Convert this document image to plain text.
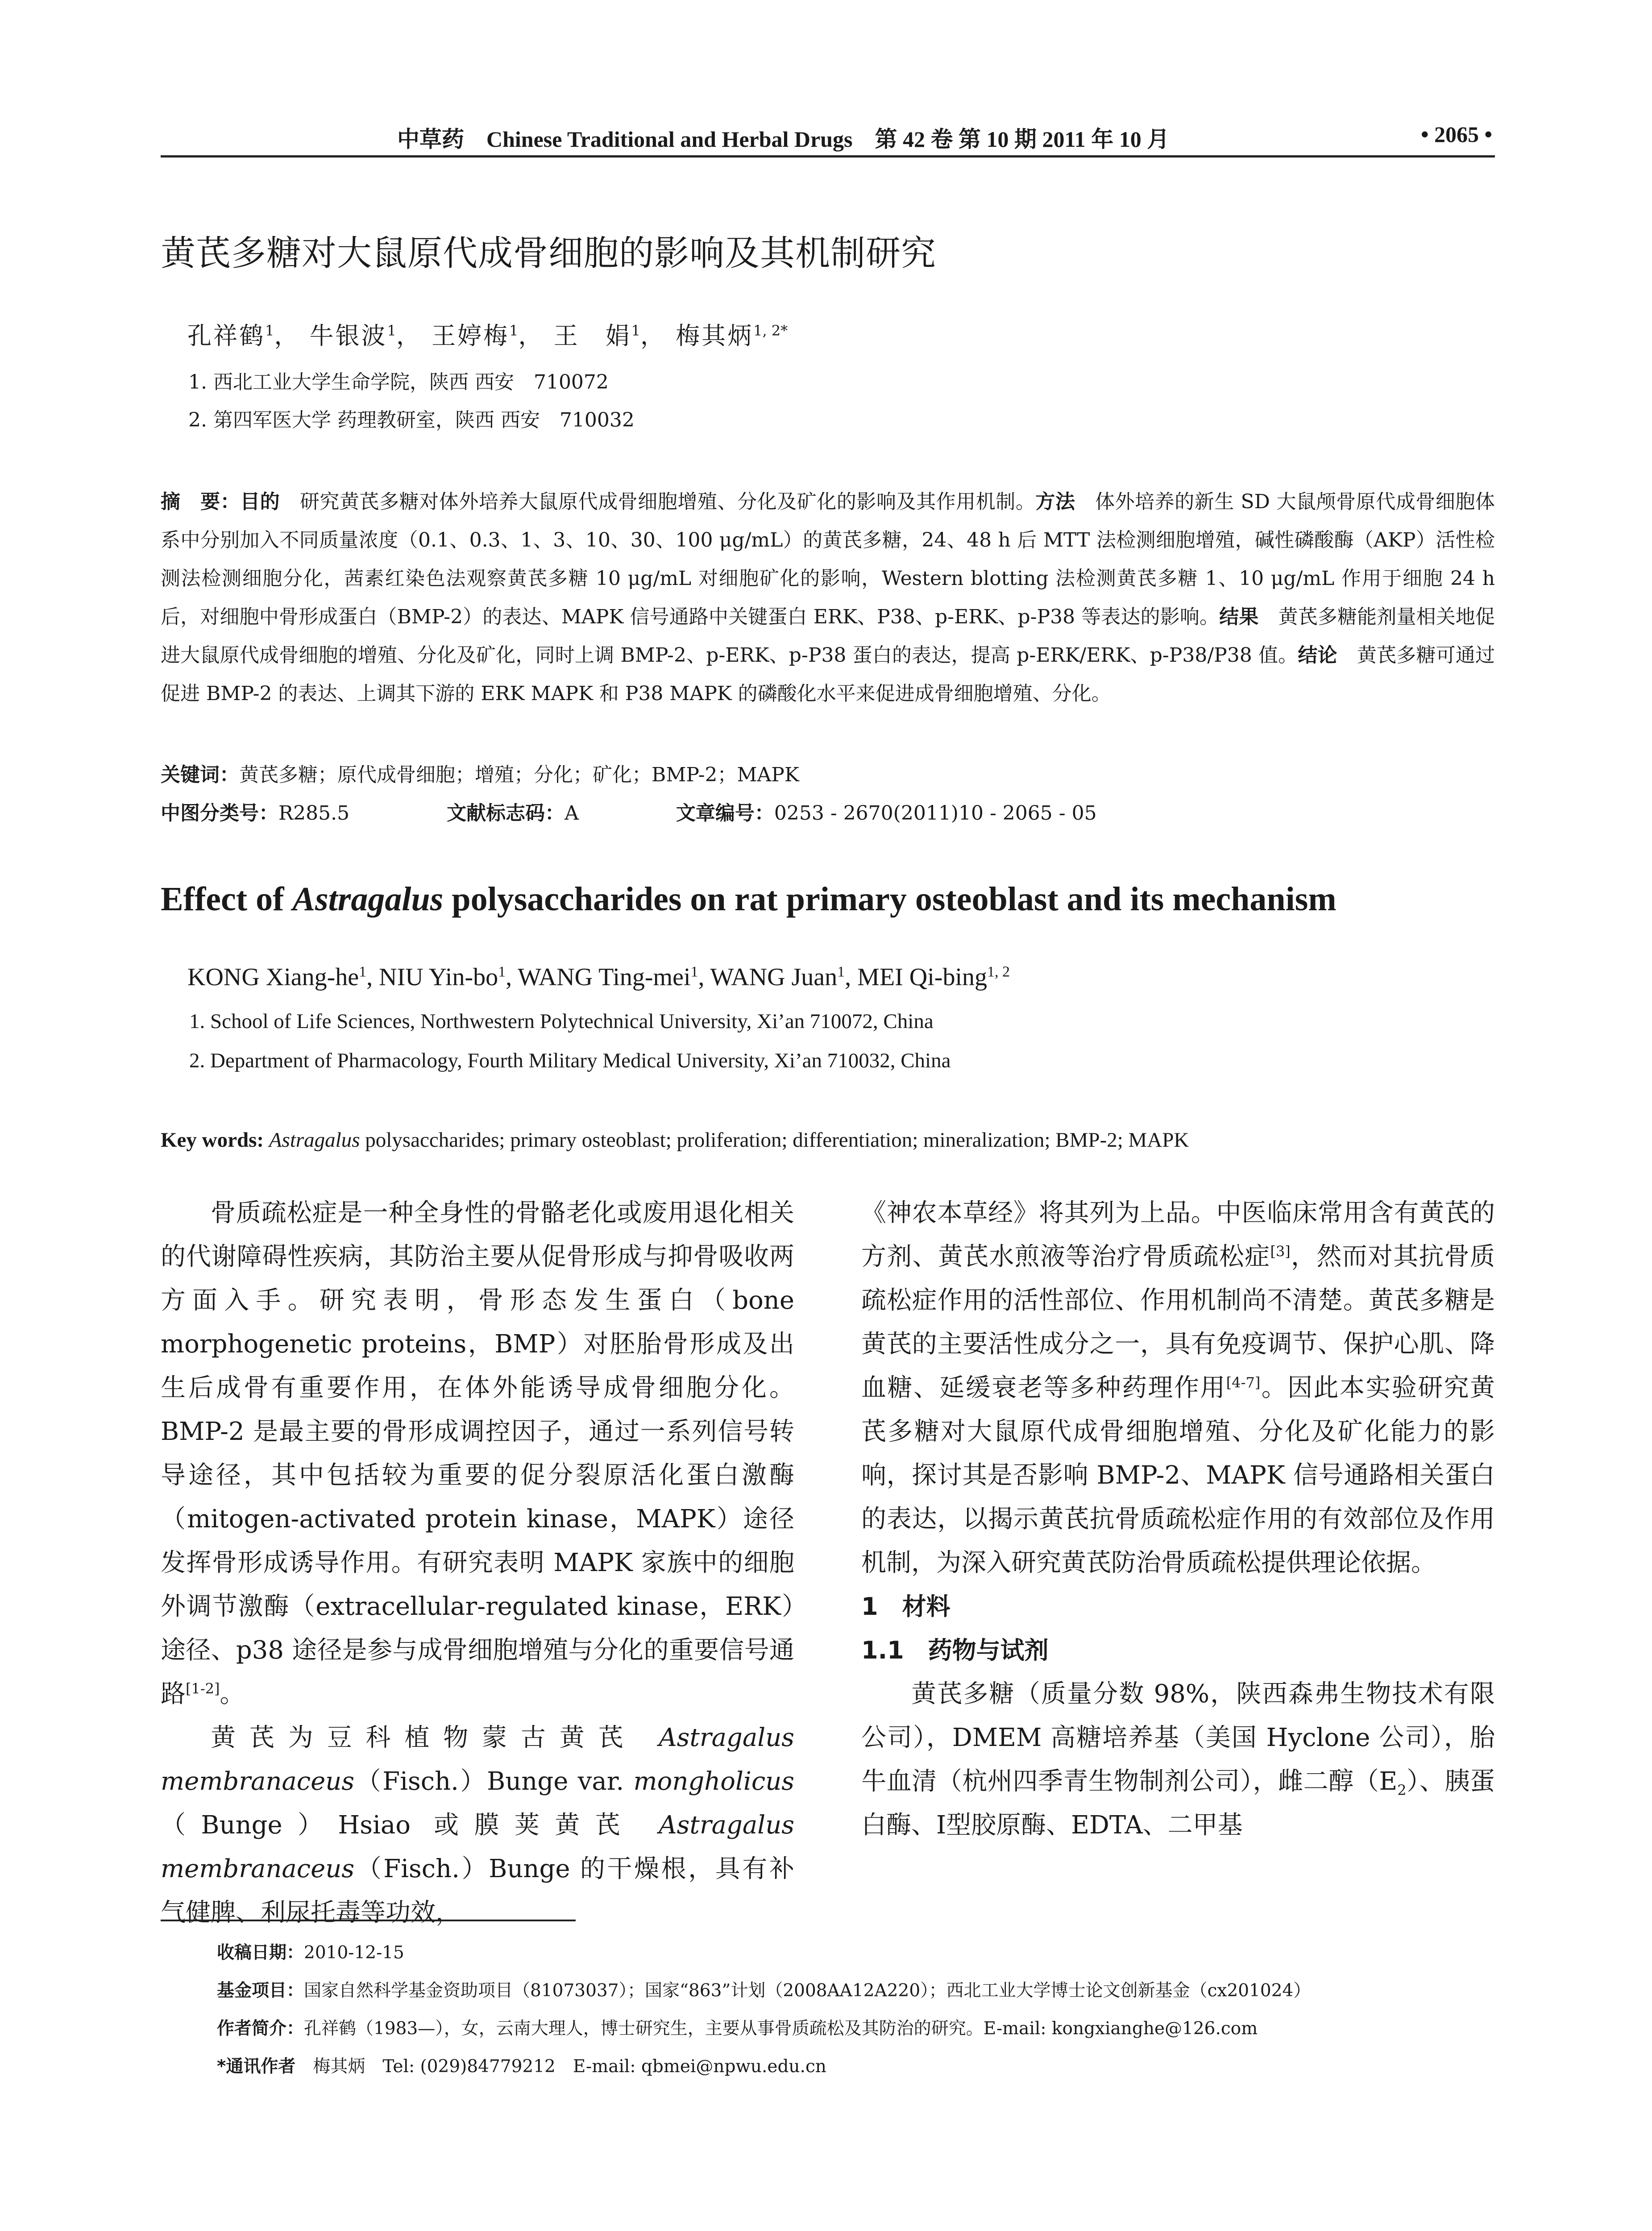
中草药 Chinese Traditional and Herbal Drugs 第 42 卷 第 10 期 2011 年 10 月	• 2065 •
黄芪多糖对大鼠原代成骨细胞的影响及其机制研究
孔祥鹤$^1$， 牛银波$^1$， 王婷梅$^1$， 王　娟$^1$， 梅其炳$^{1, 2*}$
1. 西北工业大学生命学院，陕西 西安　710072
2. 第四军医大学 药理教研室，陕西 西安　710032
摘　要：目的　研究黄芪多糖对体外培养大鼠原代成骨细胞增殖、分化及矿化的影响及其作用机制。方法　体外培养的新生 SD 大鼠颅骨原代成骨细胞体系中分别加入不同质量浓度（0.1、0.3、1、3、10、30、100 μg/mL）的黄芪多糖，24、48 h 后 MTT 法检测细胞增殖，碱性磷酸酶（AKP）活性检测法检测细胞分化，茜素红染色法观察黄芪多糖 10 μg/mL 对细胞矿化的影响，Western blotting 法检测黄芪多糖 1、10 μg/mL 作用于细胞 24 h 后，对细胞中骨形成蛋白（BMP-2）的表达、MAPK 信号通路中关键蛋白 ERK、P38、p-ERK、p-P38 等表达的影响。结果　黄芪多糖能剂量相关地促进大鼠原代成骨细胞的增殖、分化及矿化，同时上调 BMP-2、p-ERK、p-P38 蛋白的表达，提高 p-ERK/ERK、p-P38/P38 值。结论　黄芪多糖可通过促进 BMP-2 的表达、上调其下游的 ERK MAPK 和 P38 MAPK 的磷酸化水平来促进成骨细胞增殖、分化。
关键词：黄芪多糖；原代成骨细胞；增殖；分化；矿化；BMP-2；MAPK
中图分类号：R285.5	文献标志码：A	文章编号：0253 - 2670(2011)10 - 2065 - 05
Effect of Astragalus polysaccharides on rat primary osteoblast and its mechanism
KONG Xiang-$he^1$, NIU Yin-$bo^1$, WANG Ting-mei$^1$, WANG Juan$^1$, MEI Qi-bing$^{1, 2}$
1. School of Life Sciences, Northwestern Polytechnical University, Xi’an 710072, China
2. Department of Pharmacology, Fourth Military Medical University, Xi’an 710032, China
Key words: Astragalus polysaccharides; primary osteoblast; proliferation; differentiation; mineralization; BMP-2; MAPK

骨质疏松症是一种全身性的骨骼老化或废用退化相关的代谢障碍性疾病，其防治主要从促骨形成与抑骨吸收两方面入手。研究表明，骨形态发生蛋白（bone morphogenetic proteins，BMP）对胚胎骨形成及出生后成骨有重要作用，在体外能诱导成骨细胞分化。BMP-2 是最主要的骨形成调控因子，通过一系列信号转导途径，其中包括较为重要的促分裂原活化蛋白激酶（mitogen-activated protein kinase，MAPK）途径发挥骨形成诱导作用。有研究表明 MAPK 家族中的细胞外调节激酶（extracellular-regulated kinase，ERK）途径、p38 途径是参与成骨细胞增殖与分化的重要信号通路[1-2]。

黄芪为豆科植物蒙古黄芪 Astragalus membranaceus（Fisch.）Bunge var. mongholicus（Bunge）Hsiao 或膜荚黄芪 Astragalus membranaceus（Fisch.）Bunge 的干燥根，具有补气健脾、利尿托毒等功效，

《神农本草经》将其列为上品。中医临床常用含有黄芪的方剂、黄芪水煎液等治疗骨质疏松症[3]，然而对其抗骨质疏松症作用的活性部位、作用机制尚不清楚。黄芪多糖是黄芪的主要活性成分之一，具有免疫调节、保护心肌、降血糖、延缓衰老等多种药理作用[4-7]。因此本实验研究黄芪多糖对大鼠原代成骨细胞增殖、分化及矿化能力的影响，探讨其是否影响 BMP-2、MAPK 信号通路相关蛋白的表达，以揭示黄芪抗骨质疏松症作用的有效部位及作用机制，为深入研究黄芪防治骨质疏松提供理论依据。

1　材料

1.1　药物与试剂

黄芪多糖（质量分数 98%，陕西森弗生物技术有限公司），DMEM 高糖培养基（美国 Hyclone 公司），胎牛血清（杭州四季青生物制剂公司），雌二醇$(E_2)$、胰蛋白酶、Ⅰ型胶原酶、EDTA、二甲基

收稿日期：2010-12-15
基金项目：国家自然科学基金资助项目（81073037）；国家“863”计划（2008AA12A220）；西北工业大学博士论文创新基金（cx201024）
作者简介：孔祥鹤（1983—），女，云南大理人，博士研究生，主要从事骨质疏松及其防治的研究。E-mail: kongxianghe@126.com
*通讯作者　梅其炳　Tel: (029)84779212　E-mail: qbmei@npwu.edu.cn
